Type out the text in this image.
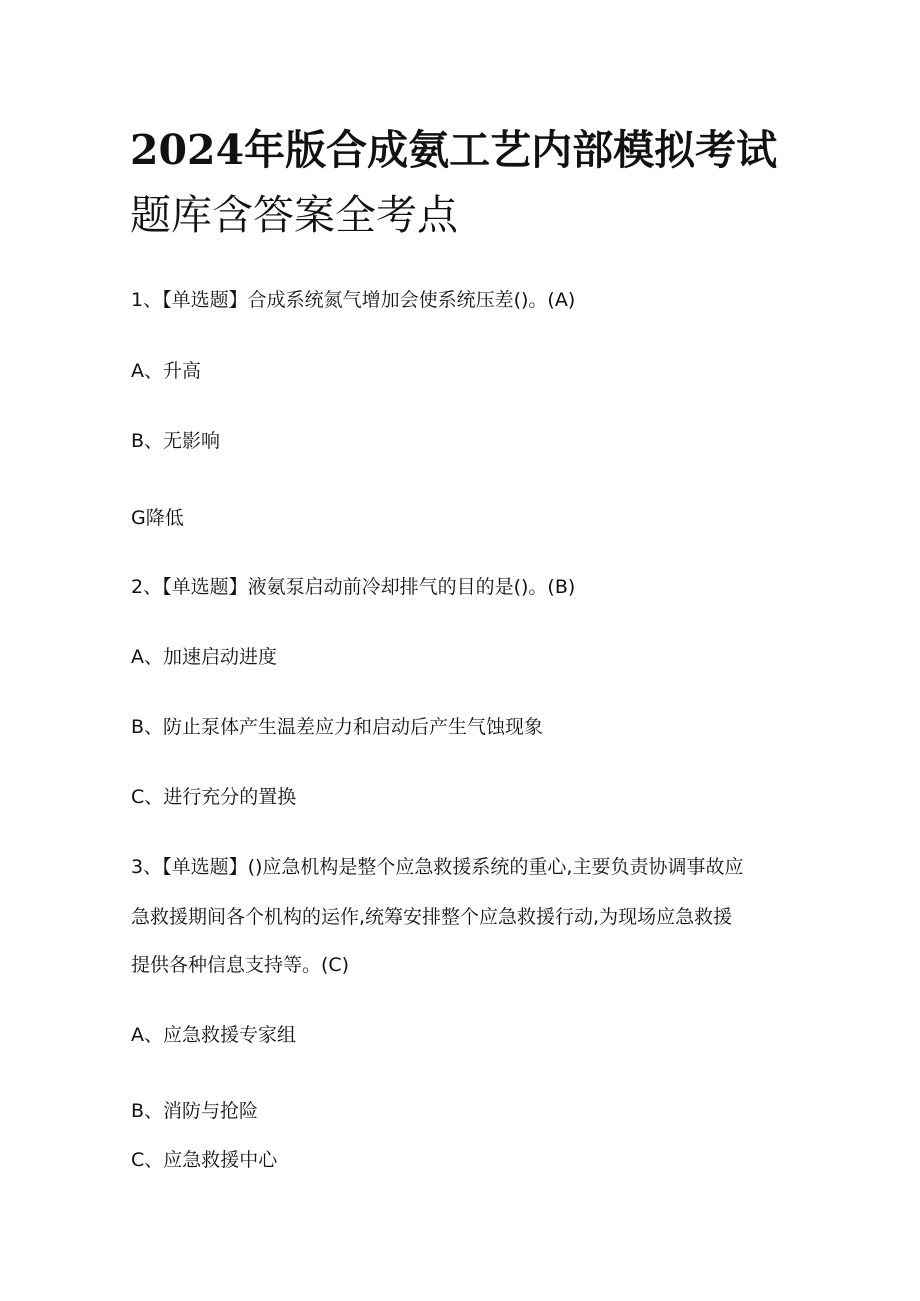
2024年版合成氨工艺内部模拟考试
题库含答案全考点

1、【单选题】合成系统氮气增加会使系统压差()。(A)

A、升高

B、无影响

G降低

2、【单选题】液氨泵启动前冷却排气的目的是()。(B)

A、加速启动进度

B、防止泵体产生温差应力和启动后产生气蚀现象

C、进行充分的置换

3、【单选题】()应急机构是整个应急救援系统的重心,主要负责协调事故应

急救援期间各个机构的运作,统筹安排整个应急救援行动,为现场应急救援

提供各种信息支持等。(C)

A、应急救援专家组

B、消防与抢险

C、应急救援中心
